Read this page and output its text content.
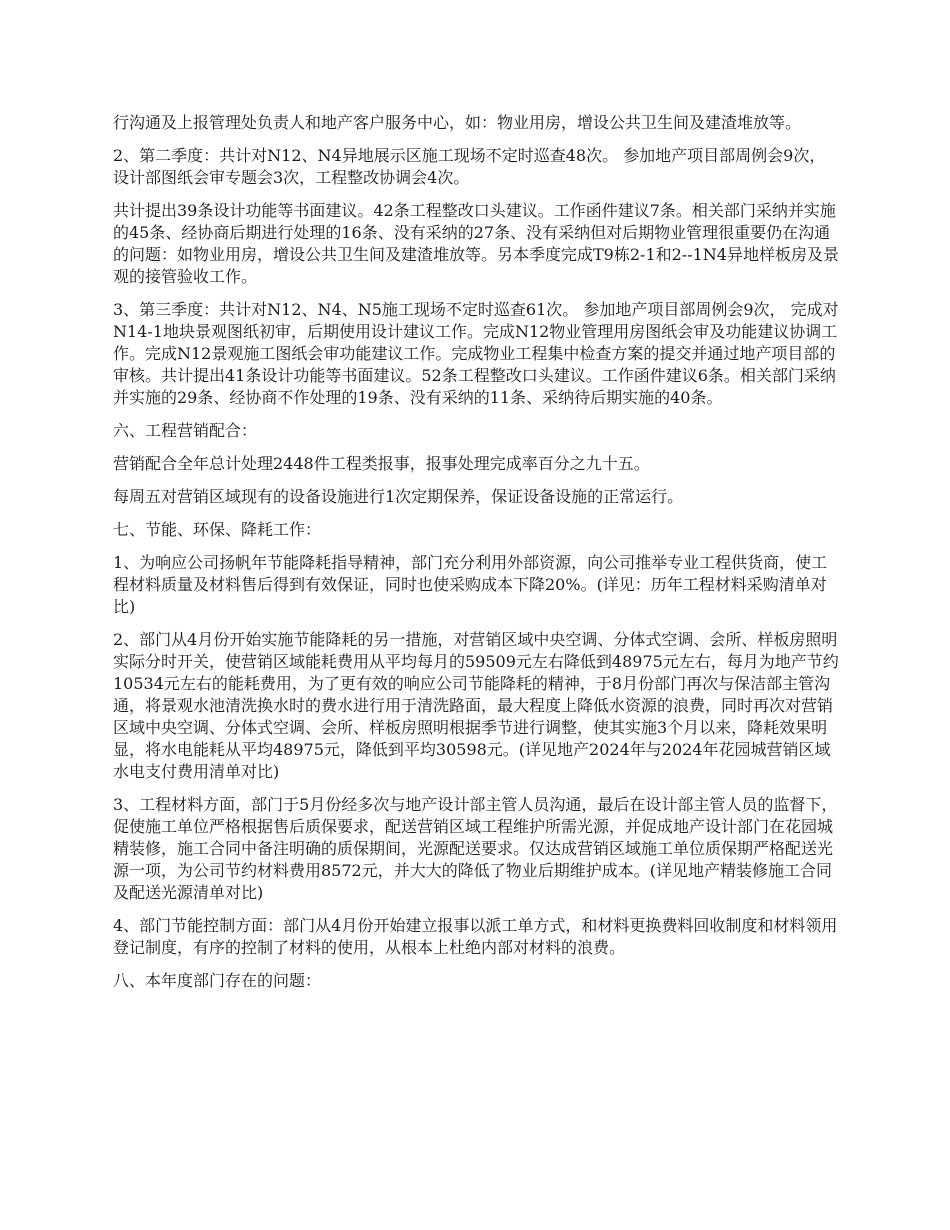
行沟通及上报管理处负责人和地产客户服务中心，如：物业用房，增设公共卫生间及建渣堆放等。

2、第二季度：共计对N12、N4异地展示区施工现场不定时巡查48次。 参加地产项目部周例会9次，设计部图纸会审专题会3次，工程整改协调会4次。

共计提出39条设计功能等书面建议。42条工程整改口头建议。工作函件建议7条。相关部门采纳并实施的45条、经协商后期进行处理的16条、没有采纳的27条、没有采纳但对后期物业管理很重要仍在沟通的问题：如物业用房，增设公共卫生间及建渣堆放等。另本季度完成T9栋2-1和2--1N4异地样板房及景观的接管验收工作。

3、第三季度：共计对N12、N4、N5施工现场不定时巡查61次。 参加地产项目部周例会9次， 完成对N14-1地块景观图纸初审，后期使用设计建议工作。完成N12物业管理用房图纸会审及功能建议协调工作。完成N12景观施工图纸会审功能建议工作。完成物业工程集中检查方案的提交并通过地产项目部的审核。共计提出41条设计功能等书面建议。52条工程整改口头建议。工作函件建议6条。相关部门采纳并实施的29条、经协商不作处理的19条、没有采纳的11条、采纳待后期实施的40条。

六、工程营销配合：

营销配合全年总计处理2448件工程类报事，报事处理完成率百分之九十五。

每周五对营销区域现有的设备设施进行1次定期保养，保证设备设施的正常运行。

七、节能、环保、降耗工作：

1、为响应公司扬帆年节能降耗指导精神，部门充分利用外部资源，向公司推举专业工程供货商，使工程材料质量及材料售后得到有效保证，同时也使采购成本下降20%。(详见：历年工程材料采购清单对比)

2、部门从4月份开始实施节能降耗的另一措施，对营销区域中央空调、分体式空调、会所、样板房照明实际分时开关，使营销区域能耗费用从平均每月的59509元左右降低到48975元左右，每月为地产节约10534元左右的能耗费用，为了更有效的响应公司节能降耗的精神，于8月份部门再次与保洁部主管沟通，将景观水池清洗换水时的费水进行用于清洗路面，最大程度上降低水资源的浪费，同时再次对营销区域中央空调、分体式空调、会所、样板房照明根据季节进行调整，使其实施3个月以来，降耗效果明显，将水电能耗从平均48975元，降低到平均30598元。(详见地产2024年与2024年花园城营销区域水电支付费用清单对比)

3、工程材料方面，部门于5月份经多次与地产设计部主管人员沟通，最后在设计部主管人员的监督下，促使施工单位严格根据售后质保要求，配送营销区域工程维护所需光源，并促成地产设计部门在花园城精装修，施工合同中备注明确的质保期间，光源配送要求。仅达成营销区域施工单位质保期严格配送光源一项，为公司节约材料费用8572元，并大大的降低了物业后期维护成本。(详见地产精装修施工合同及配送光源清单对比)

4、部门节能控制方面：部门从4月份开始建立报事以派工单方式，和材料更换费料回收制度和材料领用登记制度，有序的控制了材料的使用，从根本上杜绝内部对材料的浪费。

八、本年度部门存在的问题：
